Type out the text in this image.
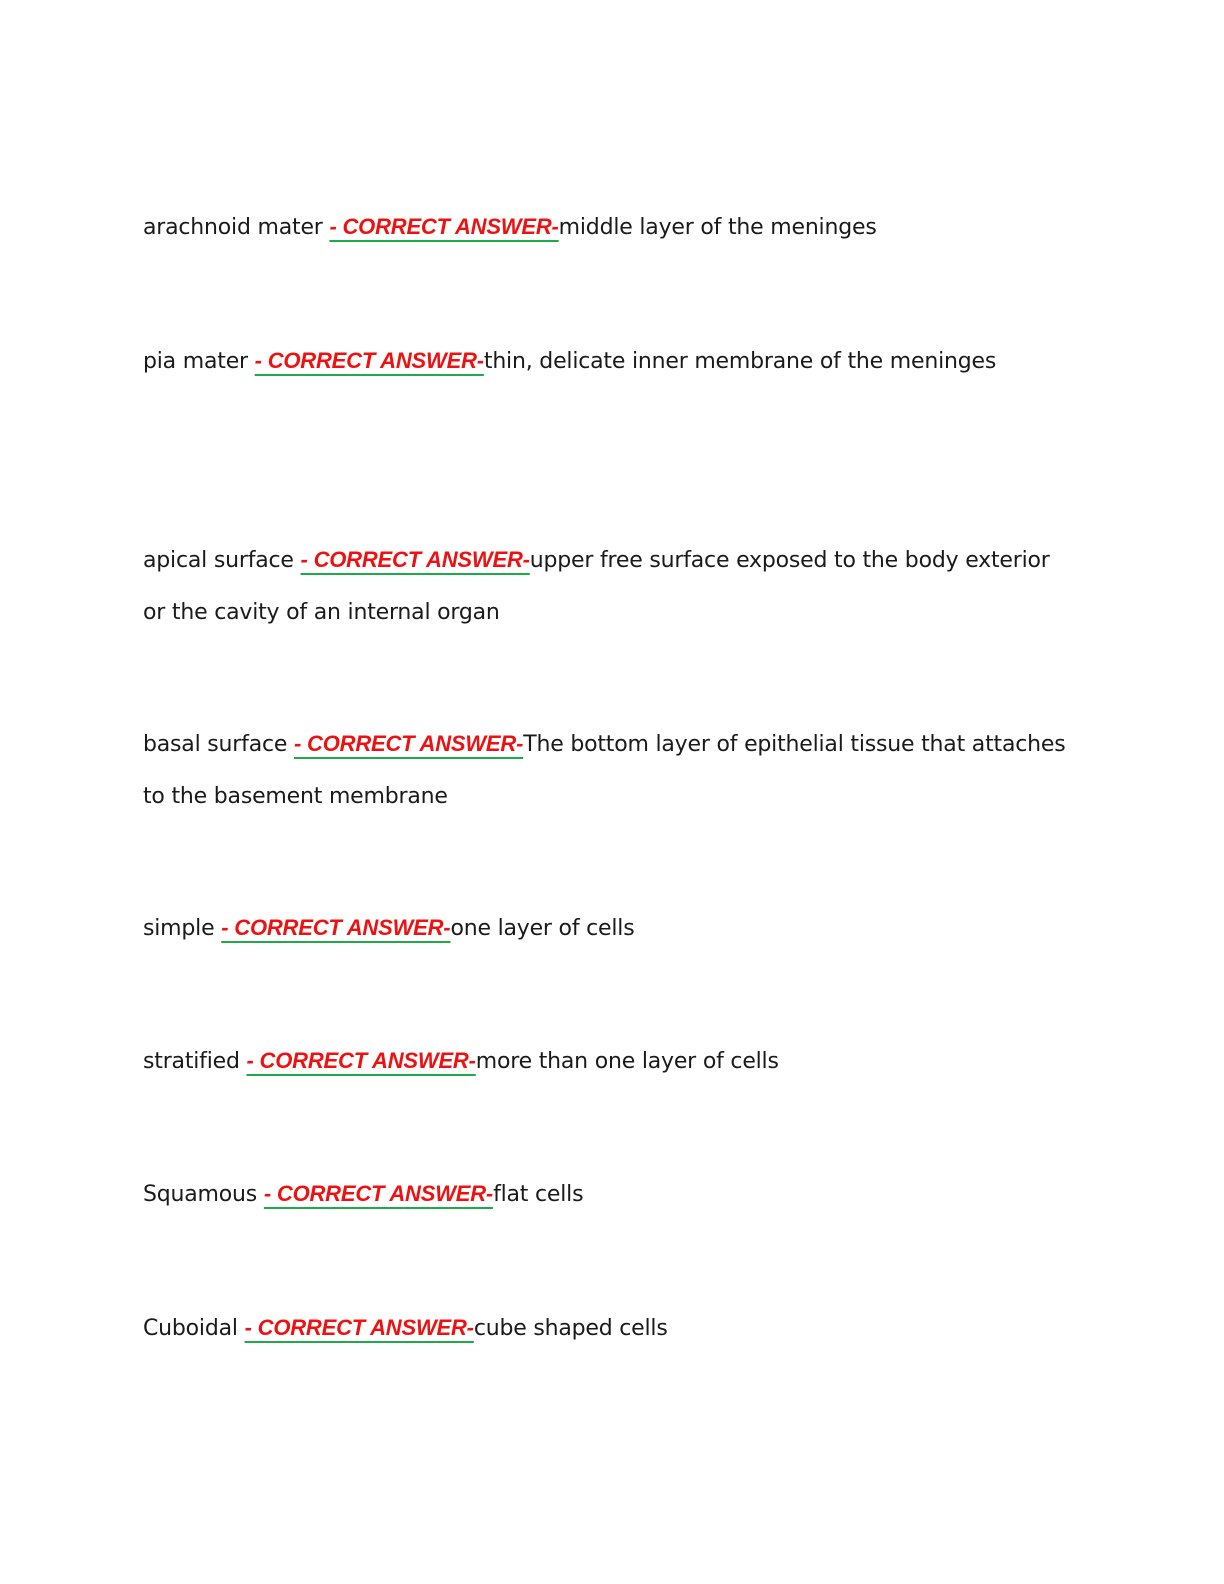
arachnoid mater - CORRECT ANSWER-middle layer of the meninges
pia mater - CORRECT ANSWER-thin, delicate inner membrane of the meninges
apical surface - CORRECT ANSWER-upper free surface exposed to the body exterior or the cavity of an internal organ
basal surface - CORRECT ANSWER-The bottom layer of epithelial tissue that attaches to the basement membrane
simple - CORRECT ANSWER-one layer of cells
stratified - CORRECT ANSWER-more than one layer of cells
Squamous - CORRECT ANSWER-flat cells
Cuboidal - CORRECT ANSWER-cube shaped cells
